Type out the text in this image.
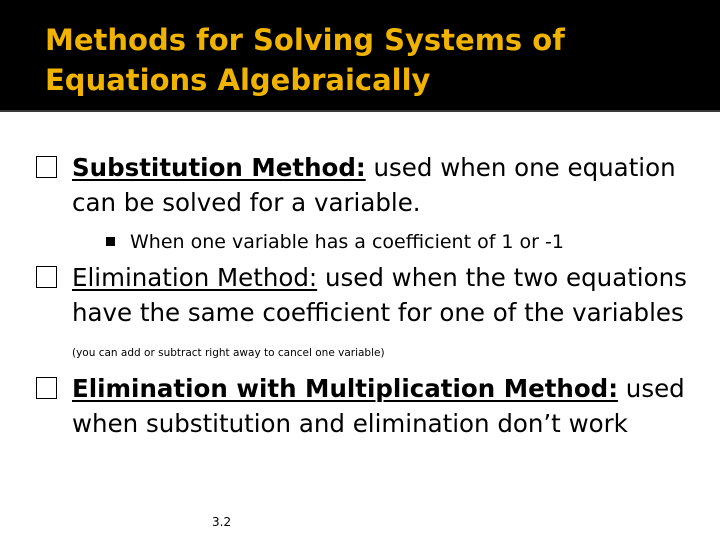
Methods for Solving Systems of Equations Algebraically
Substitution Method: used when one equation can be solved for a variable.
When one variable has a coefficient of 1 or -1
Elimination Method: used when the two equations have the same coefficient for one of the variables (you can add or subtract right away to cancel one variable)
Elimination with Multiplication Method: used when substitution and elimination don’t work
3.2
